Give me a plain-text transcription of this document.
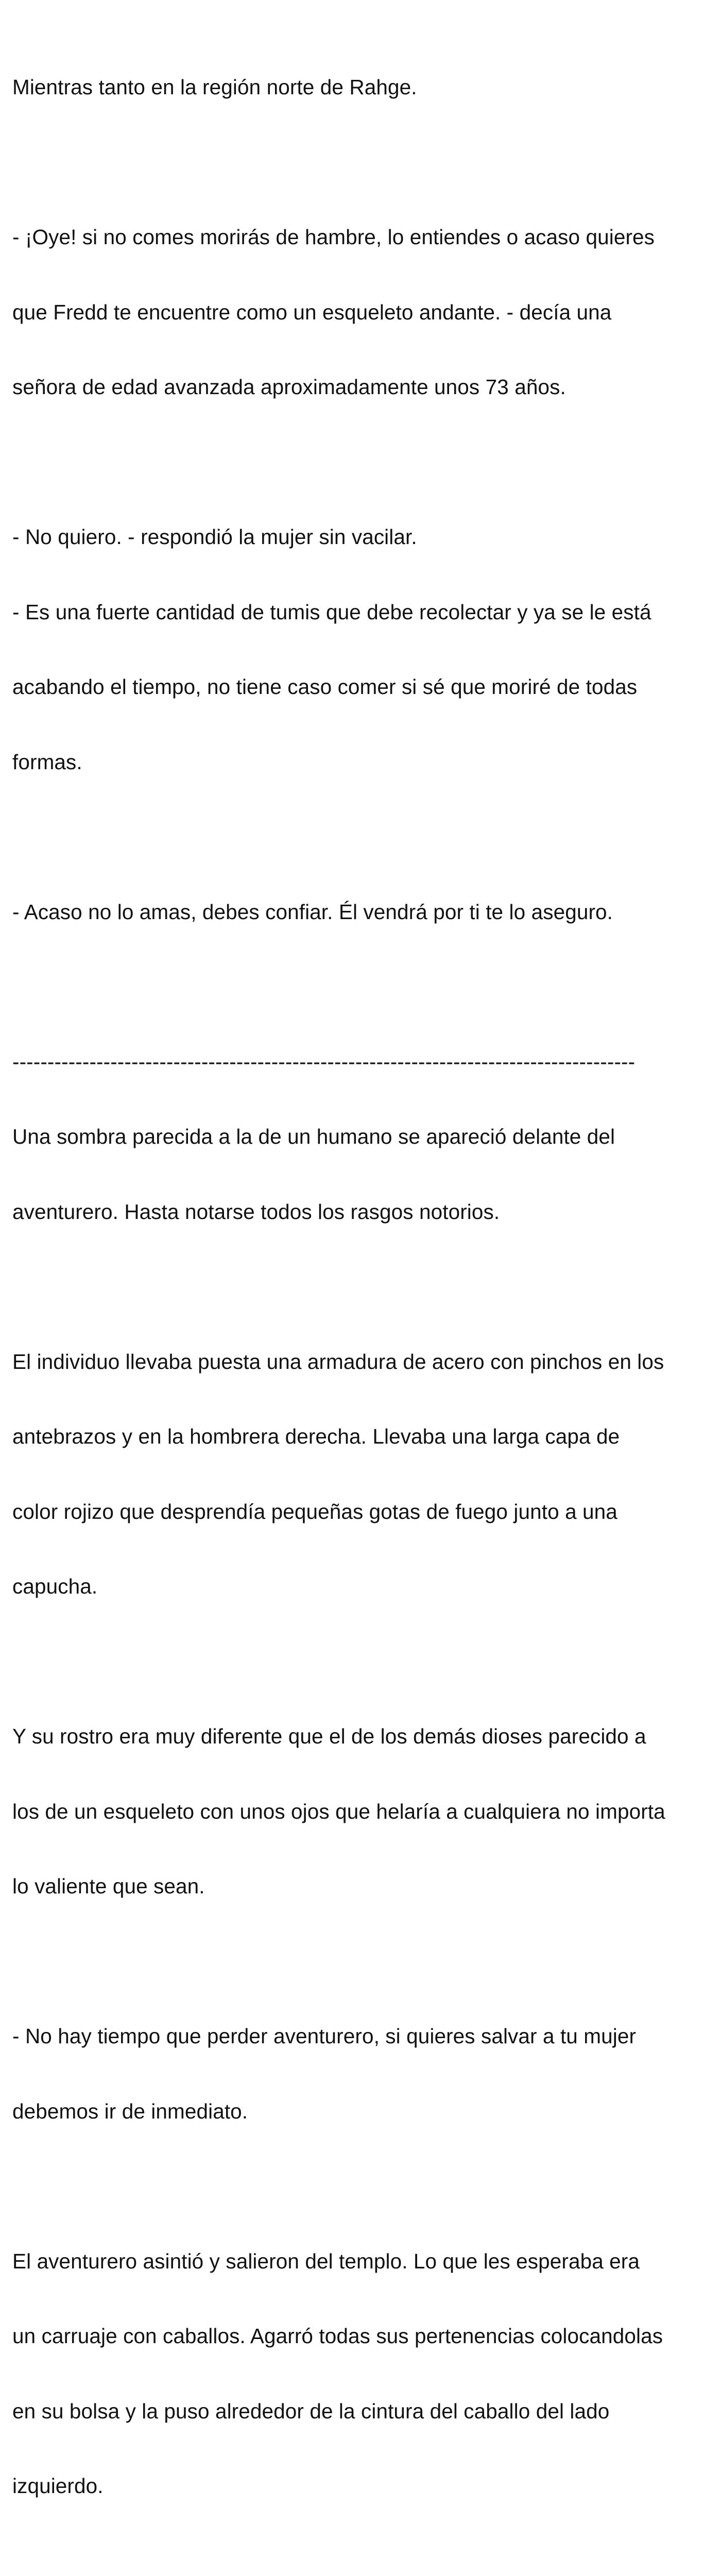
Mientras tanto en la región norte de Rahge.

- ¡Oye! si no comes morirás de hambre, lo entiendes o acaso quieres

que Fredd te encuentre como un esqueleto andante. - decía una

señora de edad avanzada aproximadamente unos 73 años.

- No quiero. - respondió la mujer sin vacilar.

- Es una fuerte cantidad de tumis que debe recolectar y ya se le está

acabando el tiempo, no tiene caso comer si sé que moriré de todas

formas.

- Acaso no lo amas, debes confiar. Él vendrá por ti te lo aseguro.

-----------------------------------------------------------------------------------------

Una sombra parecida a la de un humano se apareció delante del

aventurero. Hasta notarse todos los rasgos notorios.

El individuo llevaba puesta una armadura de acero con pinchos en los

antebrazos y en la hombrera derecha. Llevaba una larga capa de

color rojizo que desprendía pequeñas gotas de fuego junto a una

capucha.

Y su rostro era muy diferente que el de los demás dioses parecido a

los de un esqueleto con unos ojos que helaría a cualquiera no importa

lo valiente que sean.

- No hay tiempo que perder aventurero, si quieres salvar a tu mujer

debemos ir de inmediato.

El aventurero asintió y salieron del templo. Lo que les esperaba era

un carruaje con caballos. Agarró todas sus pertenencias colocandolas

en su bolsa y la puso alrededor de la cintura del caballo del lado

izquierdo.
